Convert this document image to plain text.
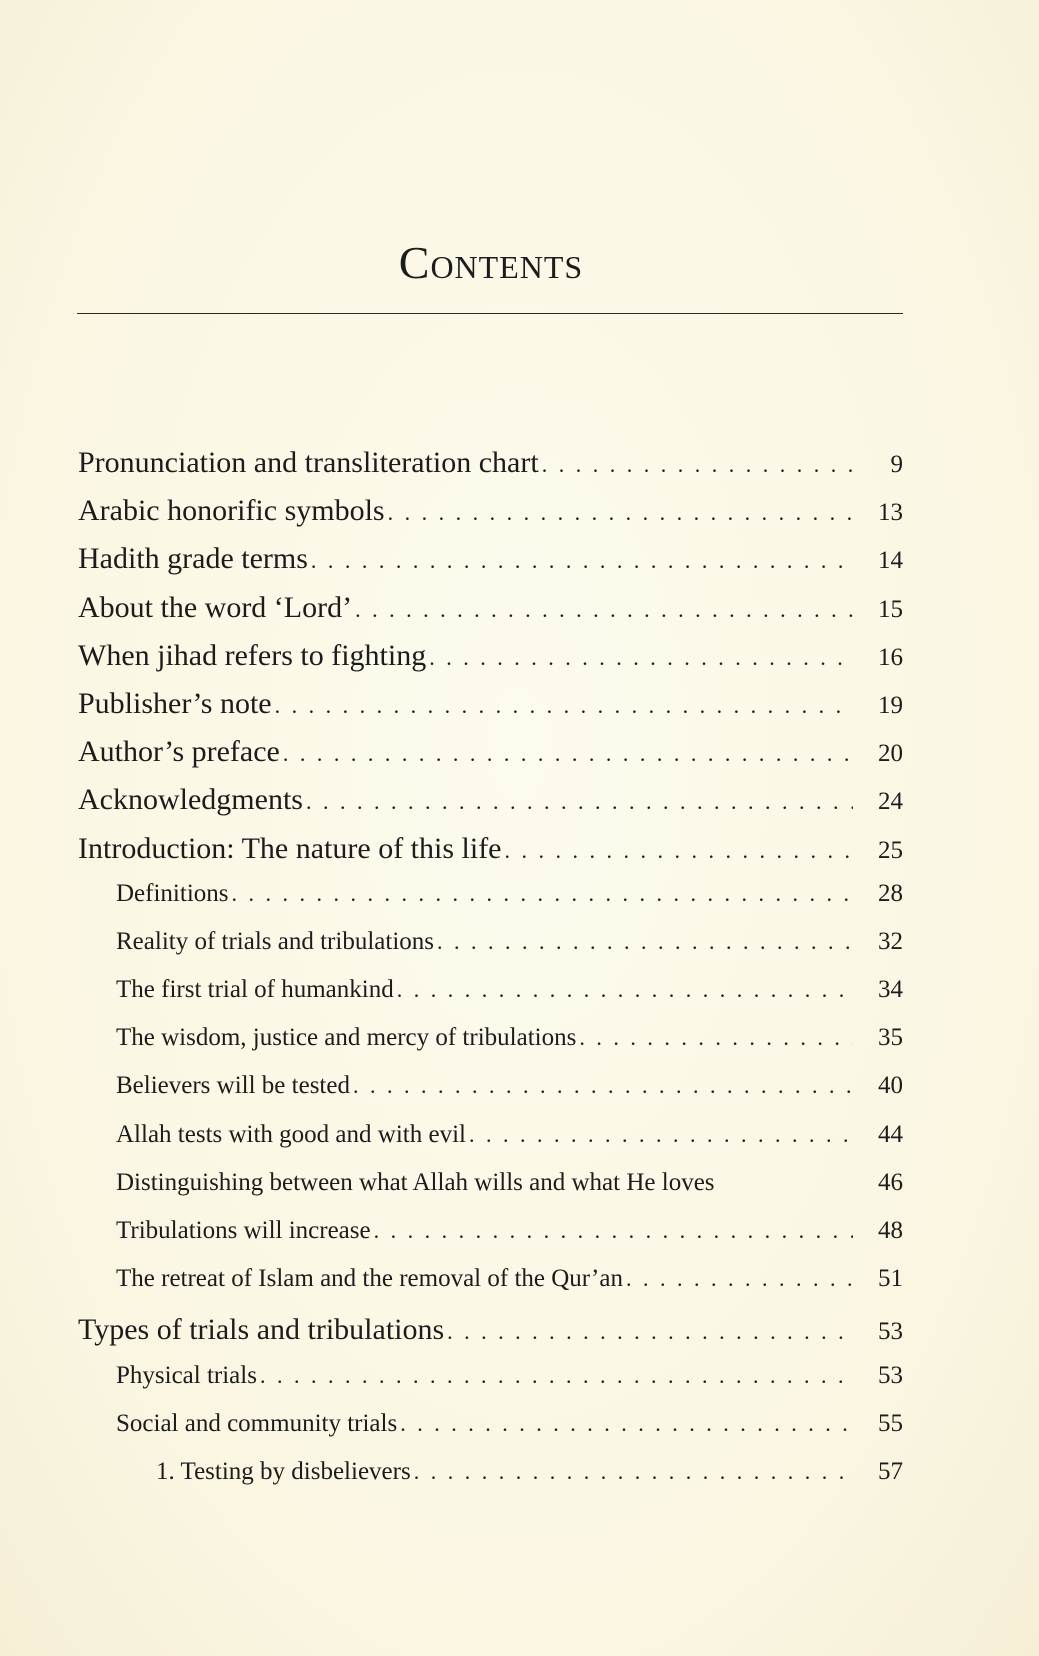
Contents
Pronunciation and transliteration chart . . .	9
Arabic honorific symbols . . .	13
Hadith grade terms . . .	14
About the word ‘Lord’ . . .	15
When jihad refers to fighting . . .	16
Publisher’s note . . .	19
Author’s preface . . .	20
Acknowledgments . . .	24
Introduction: The nature of this life . . .	25
Definitions . . .	28
Reality of trials and tribulations . . .	32
The first trial of humankind . . .	34
The wisdom, justice and mercy of tribulations . . .	35
Believers will be tested . . .	40
Allah tests with good and with evil . . .	44
Distinguishing between what Allah wills and what He loves	46
Tribulations will increase . . .	48
The retreat of Islam and the removal of the Qur’an . . .	51
Types of trials and tribulations . . .	53
Physical trials . . .	53
Social and community trials . . .	55
1. Testing by disbelievers . . .	57
